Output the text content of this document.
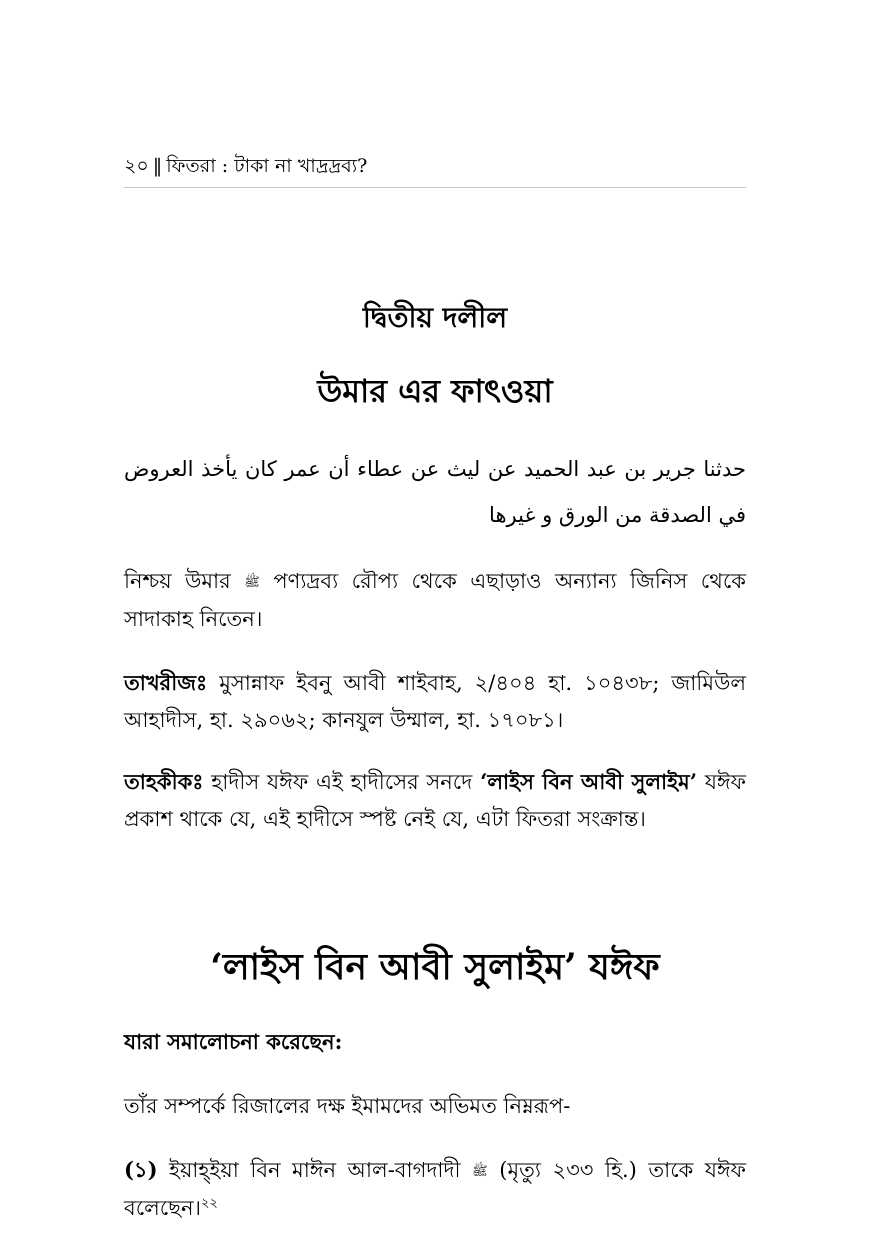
২০ ‖ ফিতরা : টাকা না খাদ্রদ্রব্য?
দ্বিতীয় দলীল
উমার এর ফাৎওয়া
حدثنا جرير بن عبد الحميد عن ليث عن عطاء أن عمر كان يأخذ العروض في الصدقة من الورق و غيرها
নিশ্চয় উমার ﷺ পণ্যদ্রব্য রৌপ্য থেকে এছাড়াও অন্যান্য জিনিস থেকে সাদাকাহ নিতেন।
তাখরীজঃ মুসান্নাফ ইবনু আবী শাইবাহ, ২/৪০৪ হা. ১০৪৩৮; জামিউল আহাদীস, হা. ২৯০৬২; কানযুল উম্মাল, হা. ১৭০৮১।
তাহকীকঃ হাদীস যঈফ এই হাদীসের সনদে ‘লাইস বিন আবী সুলাইম’ যঈফ প্রকাশ থাকে যে, এই হাদীসে স্পষ্ট নেই যে, এটা ফিতরা সংক্রান্ত।
‘লাইস বিন আবী সুলাইম’ যঈফ
যারা সমালোচনা করেছেন:
তাঁর সম্পর্কে রিজালের দক্ষ ইমামদের অভিমত নিম্নরূপ-
(১) ইয়াহ্ইয়া বিন মাঈন আল-বাগদাদী ﷺ (মৃত্যু ২৩৩ হি.) তাকে যঈফ বলেছেন।$^{২২}$
